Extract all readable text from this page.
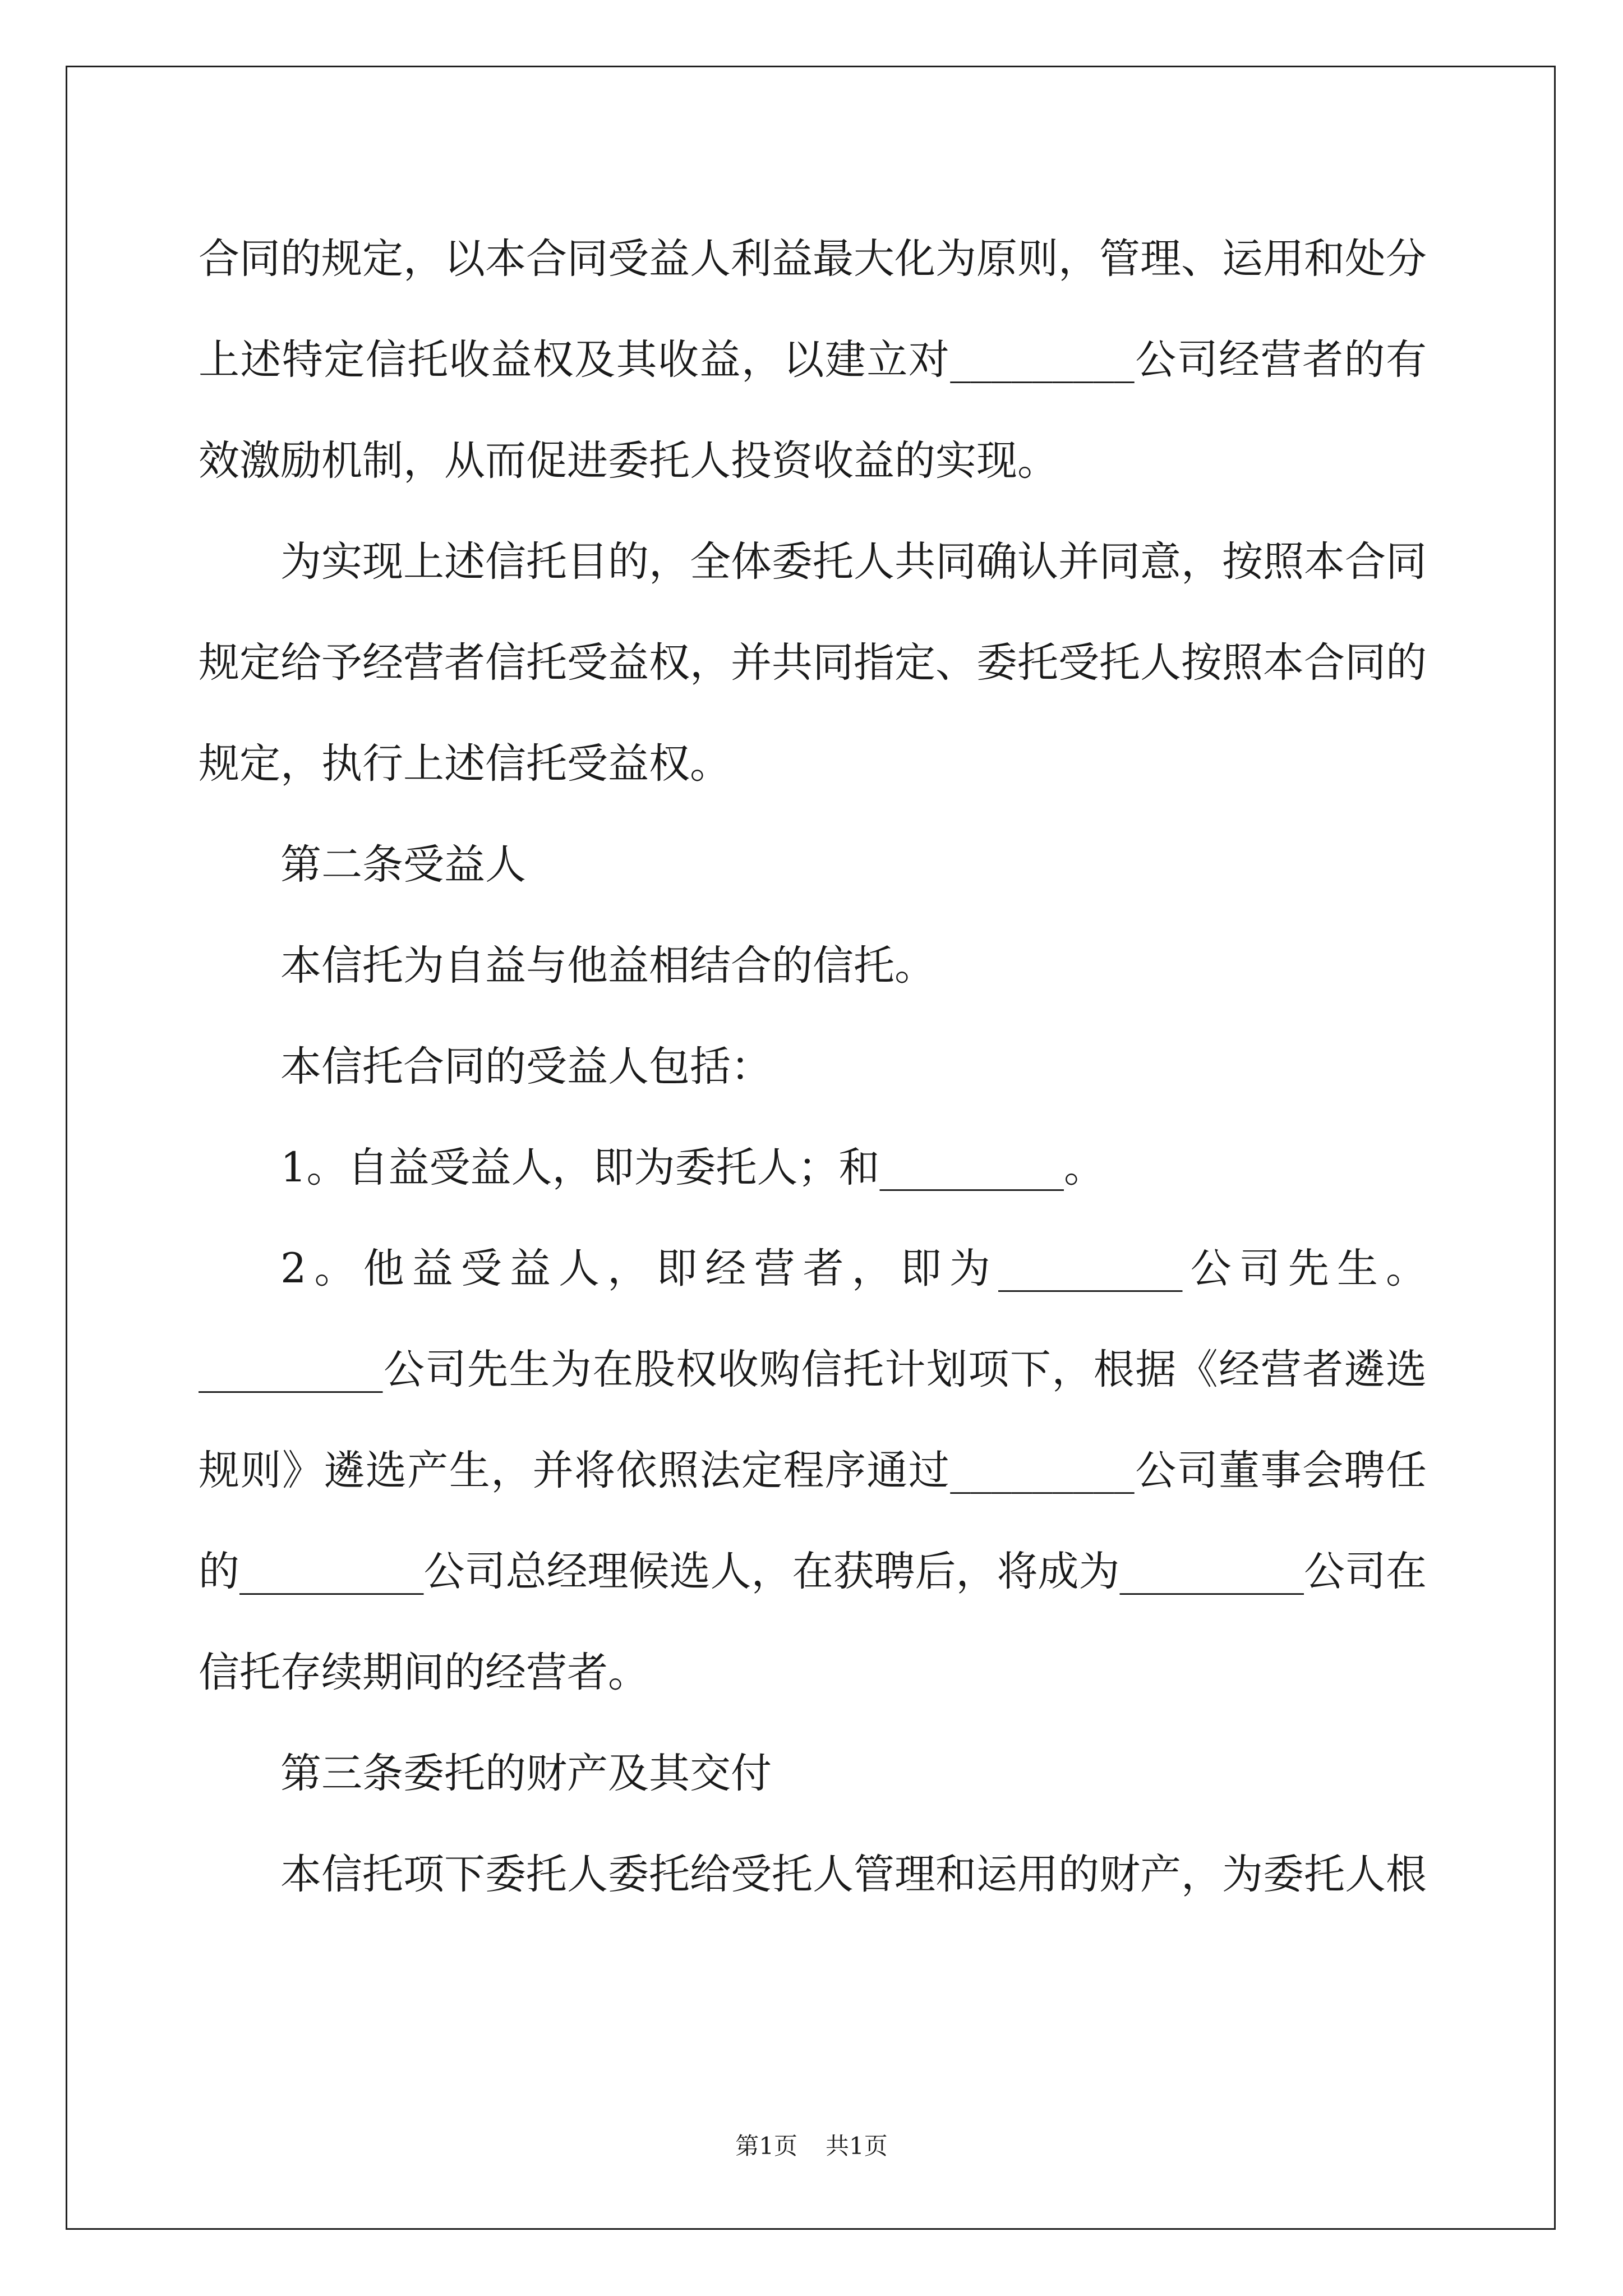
合同的规定，以本合同受益人利益最大化为原则，管理、运用和处分上述特定信托收益权及其收益，以建立对_________公司经营者的有效激励机制，从而促进委托人投资收益的实现。

为实现上述信托目的，全体委托人共同确认并同意，按照本合同规定给予经营者信托受益权，并共同指定、委托受托人按照本合同的规定，执行上述信托受益权。

第二条受益人

本信托为自益与他益相结合的信托。

本信托合同的受益人包括：

1。自益受益人，即为委托人；和_________。

2。他益受益人，即经营者，即为_________公司先生。_________公司先生为在股权收购信托计划项下，根据《经营者遴选规则》遴选产生，并将依照法定程序通过_________公司董事会聘任的_________公司总经理候选人，在获聘后，将成为_________公司在信托存续期间的经营者。

第三条委托的财产及其交付

本信托项下委托人委托给受托人管理和运用的财产，为委托人根

第1页 共1页
